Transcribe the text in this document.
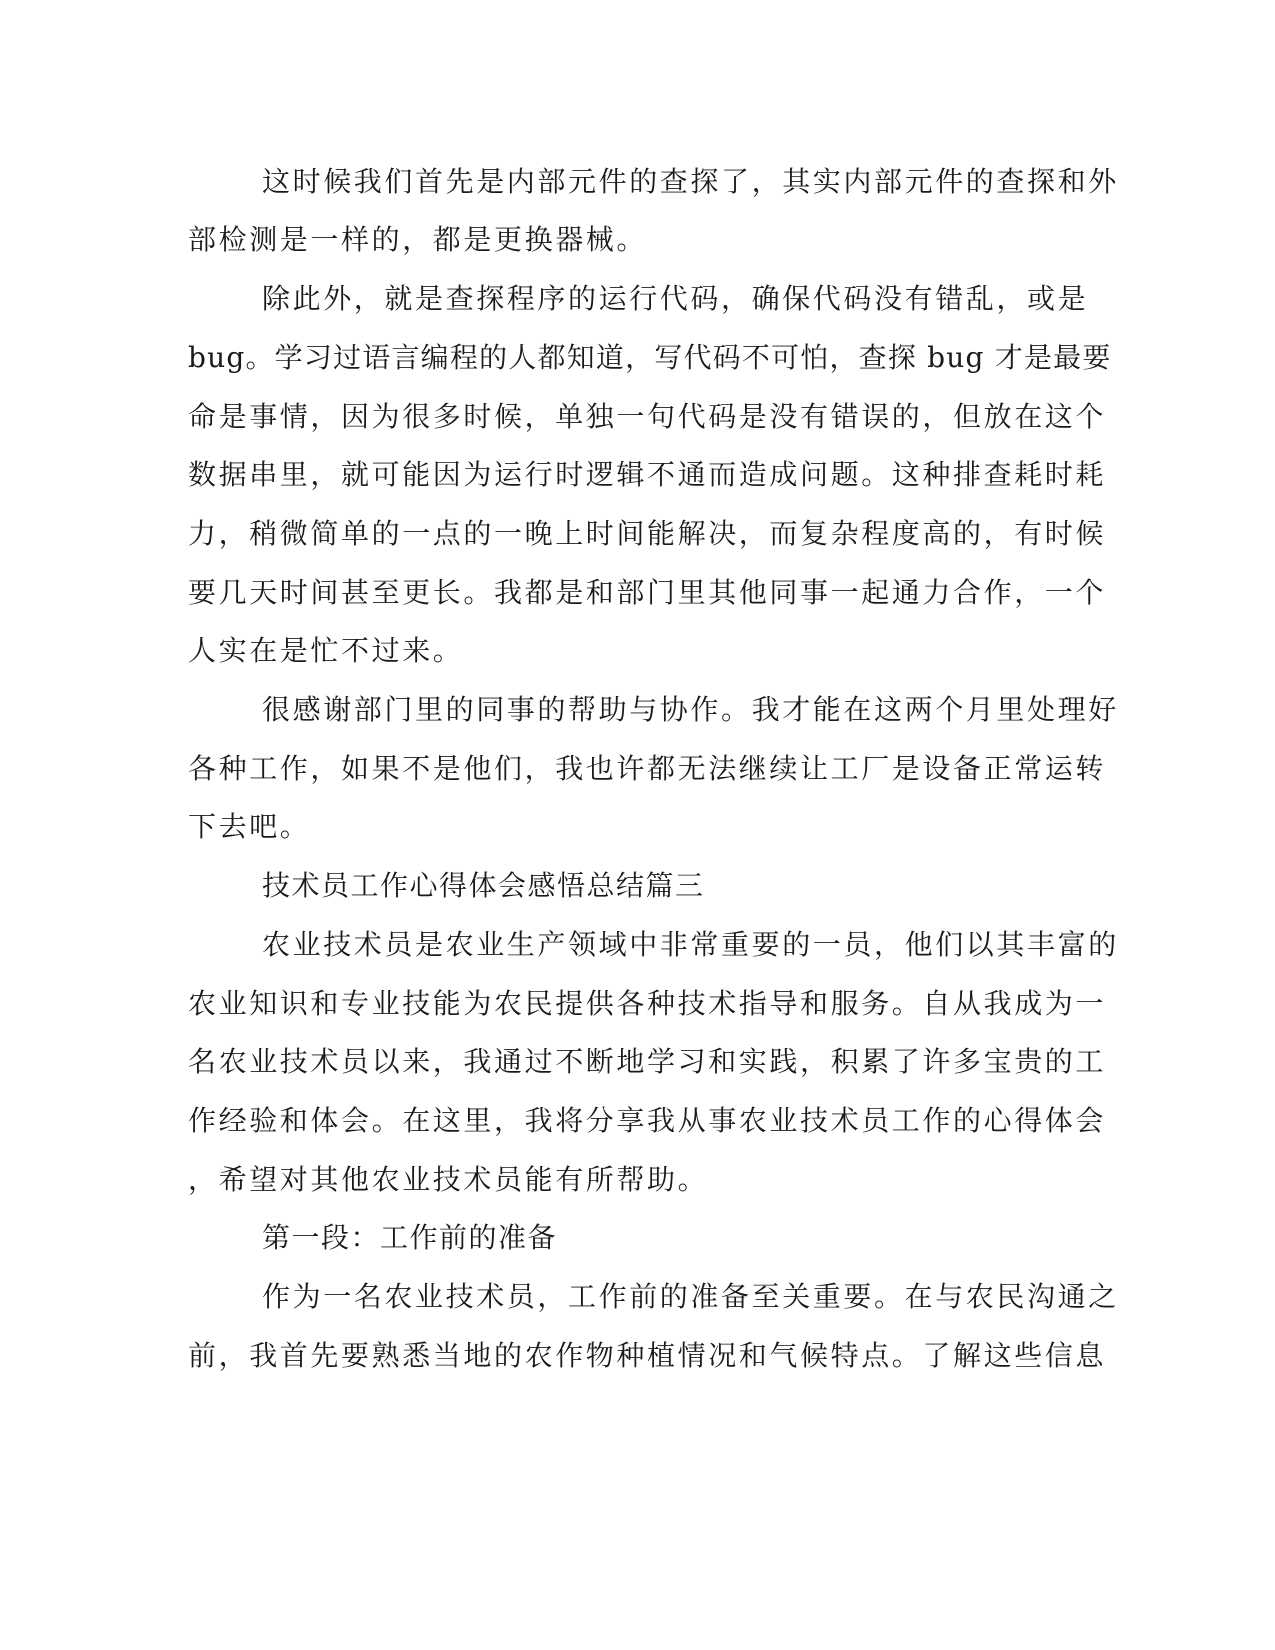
这时候我们首先是内部元件的查探了，其实内部元件的查探和外
部检测是一样的，都是更换器械。
除此外，就是查探程序的运行代码，确保代码没有错乱，或是
bug。学习过语言编程的人都知道，写代码不可怕，查探 bug 才是最要
命是事情，因为很多时候，单独一句代码是没有错误的，但放在这个
数据串里，就可能因为运行时逻辑不通而造成问题。这种排查耗时耗
力，稍微简单的一点的一晚上时间能解决，而复杂程度高的，有时候
要几天时间甚至更长。我都是和部门里其他同事一起通力合作，一个
人实在是忙不过来。
很感谢部门里的同事的帮助与协作。我才能在这两个月里处理好
各种工作，如果不是他们，我也许都无法继续让工厂是设备正常运转
下去吧。
技术员工作心得体会感悟总结篇三
农业技术员是农业生产领域中非常重要的一员，他们以其丰富的
农业知识和专业技能为农民提供各种技术指导和服务。自从我成为一
名农业技术员以来，我通过不断地学习和实践，积累了许多宝贵的工
作经验和体会。在这里，我将分享我从事农业技术员工作的心得体会
，希望对其他农业技术员能有所帮助。
第一段：工作前的准备
作为一名农业技术员，工作前的准备至关重要。在与农民沟通之
前，我首先要熟悉当地的农作物种植情况和气候特点。了解这些信息
